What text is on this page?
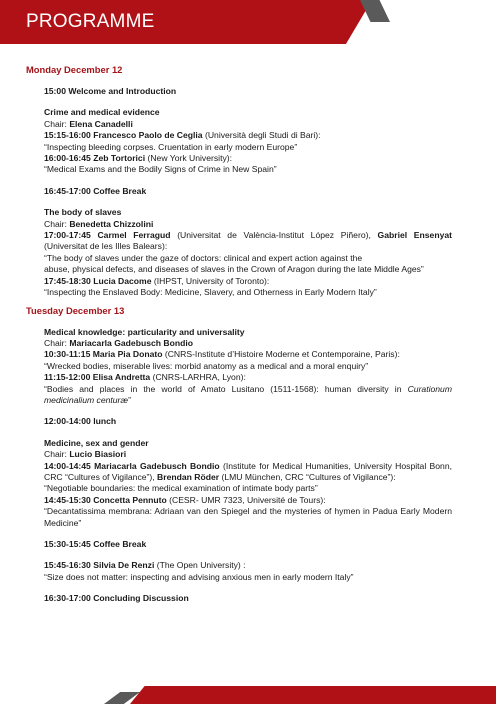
PROGRAMME
Monday December 12
15:00 Welcome and Introduction
Crime and medical evidence
Chair: Elena Canadelli
15:15-16:00 Francesco Paolo de Ceglia (Università degli Studi di Bari):
“Inspecting bleeding corpses. Cruentation in early modern Europe”
16:00-16:45 Zeb Tortorici (New York University):
“Medical Exams and the Bodily Signs of Crime in New Spain”
16:45-17:00 Coffee Break
The body of slaves
Chair: Benedetta Chizzolini
17:00-17:45 Carmel Ferragud (Universitat de València-Institut López Piñero), Gabriel Ensenyat (Universitat de les Illes Balears):
“The body of slaves under the gaze of doctors: clinical and expert action against the
abuse, physical defects, and diseases of slaves in the Crown of Aragon during the late Middle Ages”
17:45-18:30 Lucia Dacome (IHPST, University of Toronto):
“Inspecting the Enslaved Body: Medicine, Slavery, and Otherness in Early Modern Italy”
Tuesday December 13
Medical knowledge: particularity and universality
Chair: Mariacarla Gadebusch Bondio
10:30-11:15 Maria Pia Donato (CNRS-Institute d’Histoire Moderne et Contemporaine, Paris):
“Wrecked bodies, miserable lives: morbid anatomy as a medical and a moral enquiry”
11:15-12:00 Elisa Andretta (CNRS-LARHRA, Lyon):
“Bodies and places in the world of Amato Lusitano (1511-1568): human diversity in Curationum medicinalium centuræ”
12:00-14:00 lunch
Medicine, sex and gender
Chair: Lucio Biasiori
14:00-14:45 Mariacarla Gadebusch Bondio (Institute for Medical Humanities, University Hospital Bonn, CRC “Cultures of Vigilance”), Brendan Röder (LMU München, CRC “Cultures of Vigilance”):
“Negotiable boundaries: the medical examination of intimate body parts”
14:45-15:30 Concetta Pennuto (CESR- UMR 7323, Université de Tours):
“Decantatissima membrana: Adriaan van den Spiegel and the mysteries of hymen in Padua Early Modern Medicine”
15:30-15:45 Coffee Break
15:45-16:30 Silvia De Renzi (The Open University) :
“Size does not matter: inspecting and advising anxious men in early modern Italy”
16:30-17:00 Concluding Discussion
